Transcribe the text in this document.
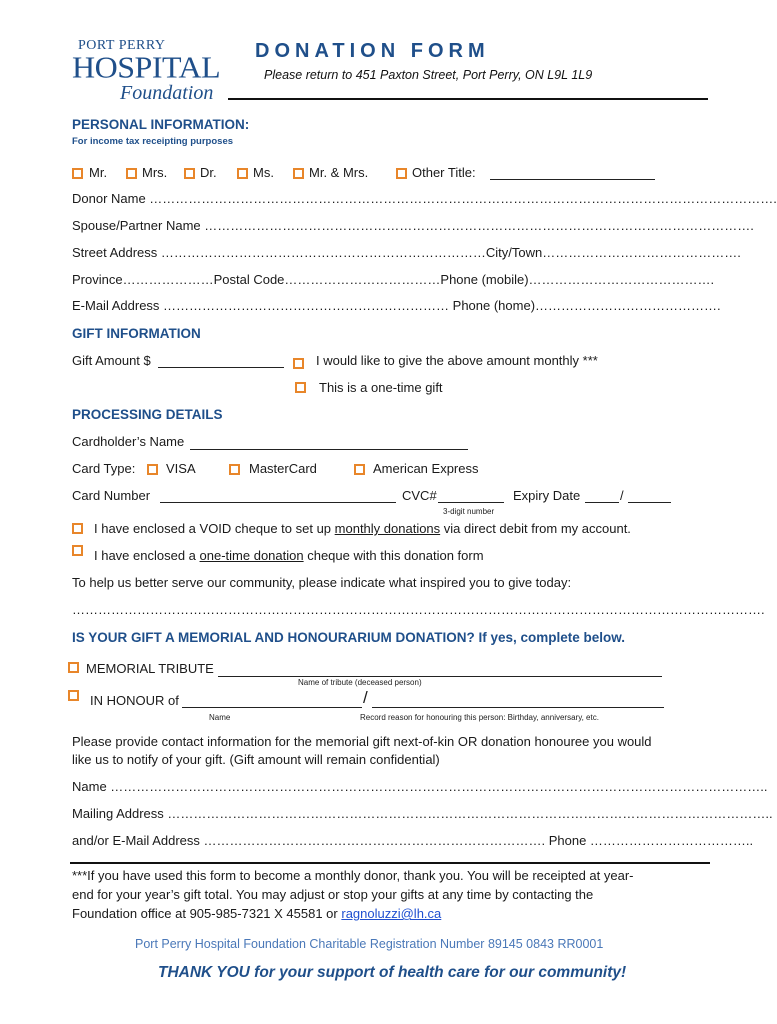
PORT PERRY
HOSPITAL
Foundation
DONATION FORM
Please return to 451 Paxton Street, Port Perry, ON L9L 1L9
PERSONAL INFORMATION:
For income tax receipting purposes
Mr.	Mrs.	Dr.	Ms.	Mr. & Mrs.	Other Title:
Donor Name ……………………………………………………………………………………………………………………………….
Spouse/Partner Name ……………………………………………………………………………………………………………….
Street Address …………………………………………………………………City/Town……………………………………….
Province…………………Postal Code………………………………Phone (mobile)…………………………………….
E-Mail Address ………………………………………………………… Phone (home)…………………………………….
GIFT INFORMATION
Gift Amount $	I would like to give the above amount monthly ***
This is a one-time gift
PROCESSING DETAILS
Cardholder’s Name
Card Type: VISA	MasterCard	American Express
Card Number	CVC#	Expiry Date	/
3-digit number
I have enclosed a VOID cheque to set up monthly donations via direct debit from my account.
I have enclosed a one-time donation cheque with this donation form
To help us better serve our community, please indicate what inspired you to give today:
…………………………………………………………………………………………………………………………………………….
IS YOUR GIFT A MEMORIAL AND HONOURARIUM DONATION? If yes, complete below.
MEMORIAL TRIBUTE
Name of tribute (deceased person)
IN HONOUR of	/
Name	Record reason for honouring this person: Birthday, anniversary, etc.
Please provide contact information for the memorial gift next-of-kin OR donation honouree you would
like us to notify of your gift. (Gift amount will remain confidential)
Name ……………………………………………………………………………………………………………………………………..
Mailing Address …………………………………………………………………………………………………………………………..
and/or E-Mail Address ……………………………………………………………………. Phone ………………………………..
***If you have used this form to become a monthly donor, thank you. You will be receipted at year-
end for your year’s gift total. You may adjust or stop your gifts at any time by contacting the
Foundation office at 905-985-7321 X 45581 or ragnoluzzi@lh.ca
Port Perry Hospital Foundation Charitable Registration Number 89145 0843 RR0001
THANK YOU for your support of health care for our community!
